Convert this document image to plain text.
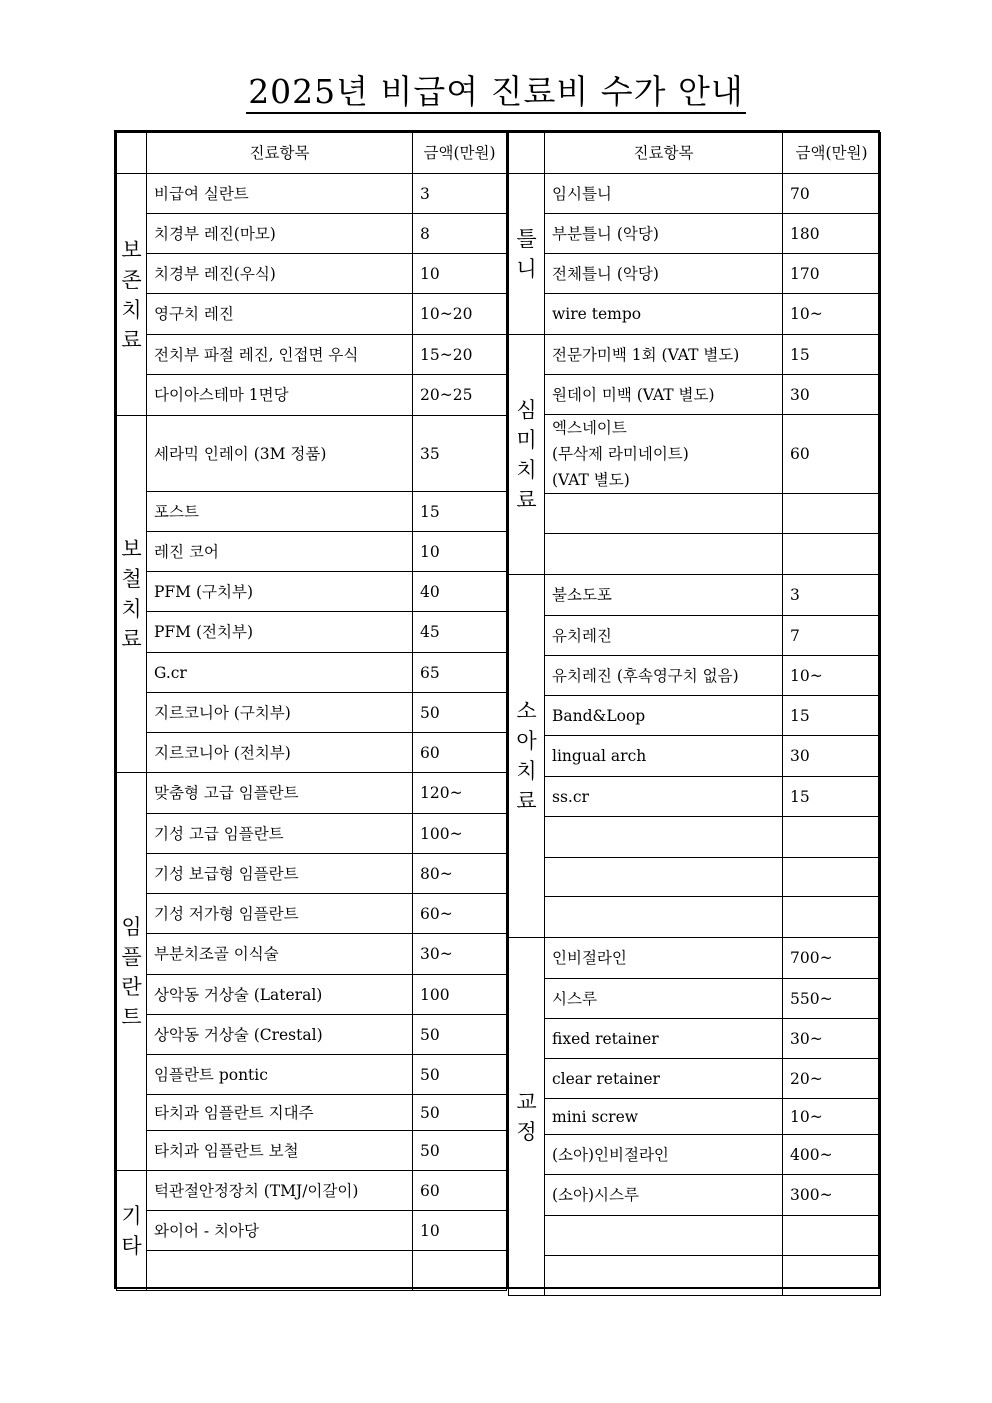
2025년 비급여 진료비 수가 안내
	진료항목	금액(만원)

보
존
치
료	비급여 실란트	3
	치경부 레진(마모)	8
	치경부 레진(우식)	10
	영구치 레진	10~20
	전치부 파절 레진, 인접면 우식	15~20
	다이아스테마 1면당	20~25

보
철
치
료	세라믹 인레이 (3M 정품)	35
	포스트	15
	레진 코어	10
	PFM (구치부)	40
	PFM (전치부)	45
	G.cr	65
	지르코니아 (구치부)	50
	지르코니아 (전치부)	60

임
플
란
트	맞춤형 고급 임플란트	120~
	기성 고급 임플란트	100~
	기성 보급형 임플란트	80~
	기성 저가형 임플란트	60~
	부분치조골 이식술	30~
	상악동 거상술 (Lateral)	100
	상악동 거상술 (Crestal)	50
	임플란트 pontic	50
	타치과 임플란트 지대주	50
	타치과 임플란트 보철	50

기
타	턱관절안정장치 (TMJ/이갈이)	60
	와이어 - 치아당	10

	진료항목	금액(만원)

틀
니	임시틀니	70
	부분틀니 (악당)	180
	전체틀니 (악당)	170
	wire tempo	10~

심
미
치
료	전문가미백 1회 (VAT 별도)	15
	원데이 미백 (VAT 별도)	30
	엑스네이트
(무삭제 라미네이트)
(VAT 별도)	60

소
아
치
료	불소도포	3
	유치레진	7
	유치레진 (후속영구치 없음)	10~
	Band&Loop	15
	lingual arch	30
	ss.cr	15

교
정	인비절라인	700~
	시스루	550~
	fixed retainer	30~
	clear retainer	20~
	mini screw	10~
	(소아)인비절라인	400~
	(소아)시스루	300~
